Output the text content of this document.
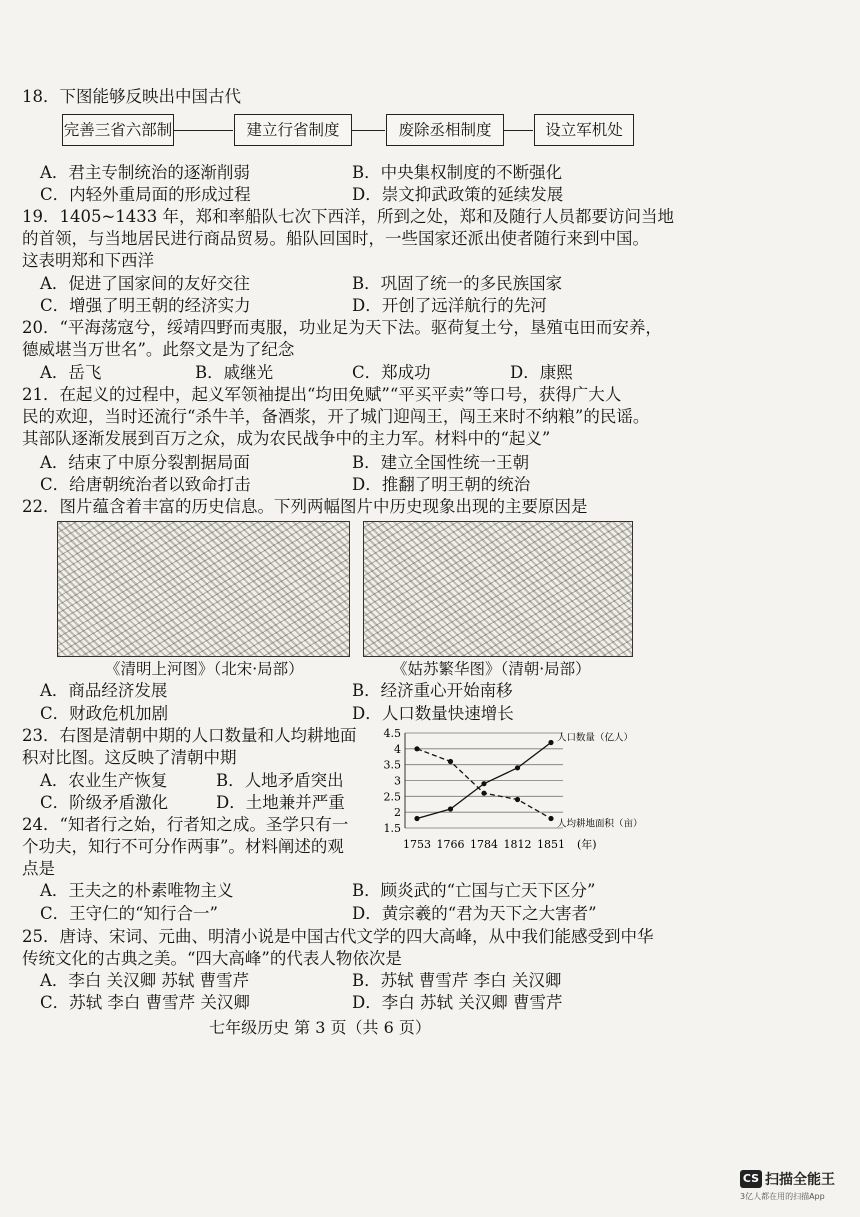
18．下图能够反映出中国古代
完善三省六部制	建立行省制度	废除丞相制度	设立军机处
A．君主专制统治的逐渐削弱	B．中央集权制度的不断强化
C．内轻外重局面的形成过程	D．崇文抑武政策的延续发展
19．1405~1433 年，郑和率船队七次下西洋，所到之处，郑和及随行人员都要访问当地
的首领，与当地居民进行商品贸易。船队回国时，一些国家还派出使者随行来到中国。
这表明郑和下西洋
A．促进了国家间的友好交往	B．巩固了统一的多民族国家
C．增强了明王朝的经济实力	D．开创了远洋航行的先河
20．“平海荡寇兮，绥靖四野而夷服，功业足为天下法。驱荷复土兮，垦殖屯田而安养，
德威堪当万世名”。此祭文是为了纪念
A．岳飞	B．戚继光	C．郑成功	D．康熙
21．在起义的过程中，起义军领袖提出“均田免赋”“平买平卖”等口号，获得广大人
民的欢迎，当时还流行“杀牛羊，备酒浆，开了城门迎闯王，闯王来时不纳粮”的民谣。
其部队逐渐发展到百万之众，成为农民战争中的主力军。材料中的“起义”
A．结束了中原分裂割据局面	B．建立全国性统一王朝
C．给唐朝统治者以致命打击	D．推翻了明王朝的统治
22．图片蕴含着丰富的历史信息。下列两幅图片中历史现象出现的主要原因是
《清明上河图》（北宋·局部）	《姑苏繁华图》（清朝·局部）
A．商品经济发展	B．经济重心开始南移
C．财政危机加剧	D．人口数量快速增长
23．右图是清朝中期的人口数量和人均耕地面
积对比图。这反映了清朝中期
A．农业生产恢复	B．人地矛盾突出
C．阶级矛盾激化	D．土地兼并严重
4.5
4
3.5
3
2.5
2
1.5
1753 1766 1784 1812 1851 (年)
人口数量（亿人）
人均耕地面积（亩）
24．“知者行之始，行者知之成。圣学只有一
个功夫，知行不可分作两事”。材料阐述的观
点是
A．王夫之的朴素唯物主义	B．顾炎武的“亡国与亡天下区分”
C．王守仁的“知行合一”	D．黄宗羲的“君为天下之大害者”
25．唐诗、宋词、元曲、明清小说是中国古代文学的四大高峰，从中我们能感受到中华
传统文化的古典之美。“四大高峰”的代表人物依次是
A．李白 关汉卿 苏轼 曹雪芹	B．苏轼 曹雪芹 李白 关汉卿
C．苏轼 李白 曹雪芹 关汉卿	D．李白 苏轼 关汉卿 曹雪芹
七年级历史 第 3 页（共 6 页）
CS 扫描全能王
3亿人都在用的扫描App
